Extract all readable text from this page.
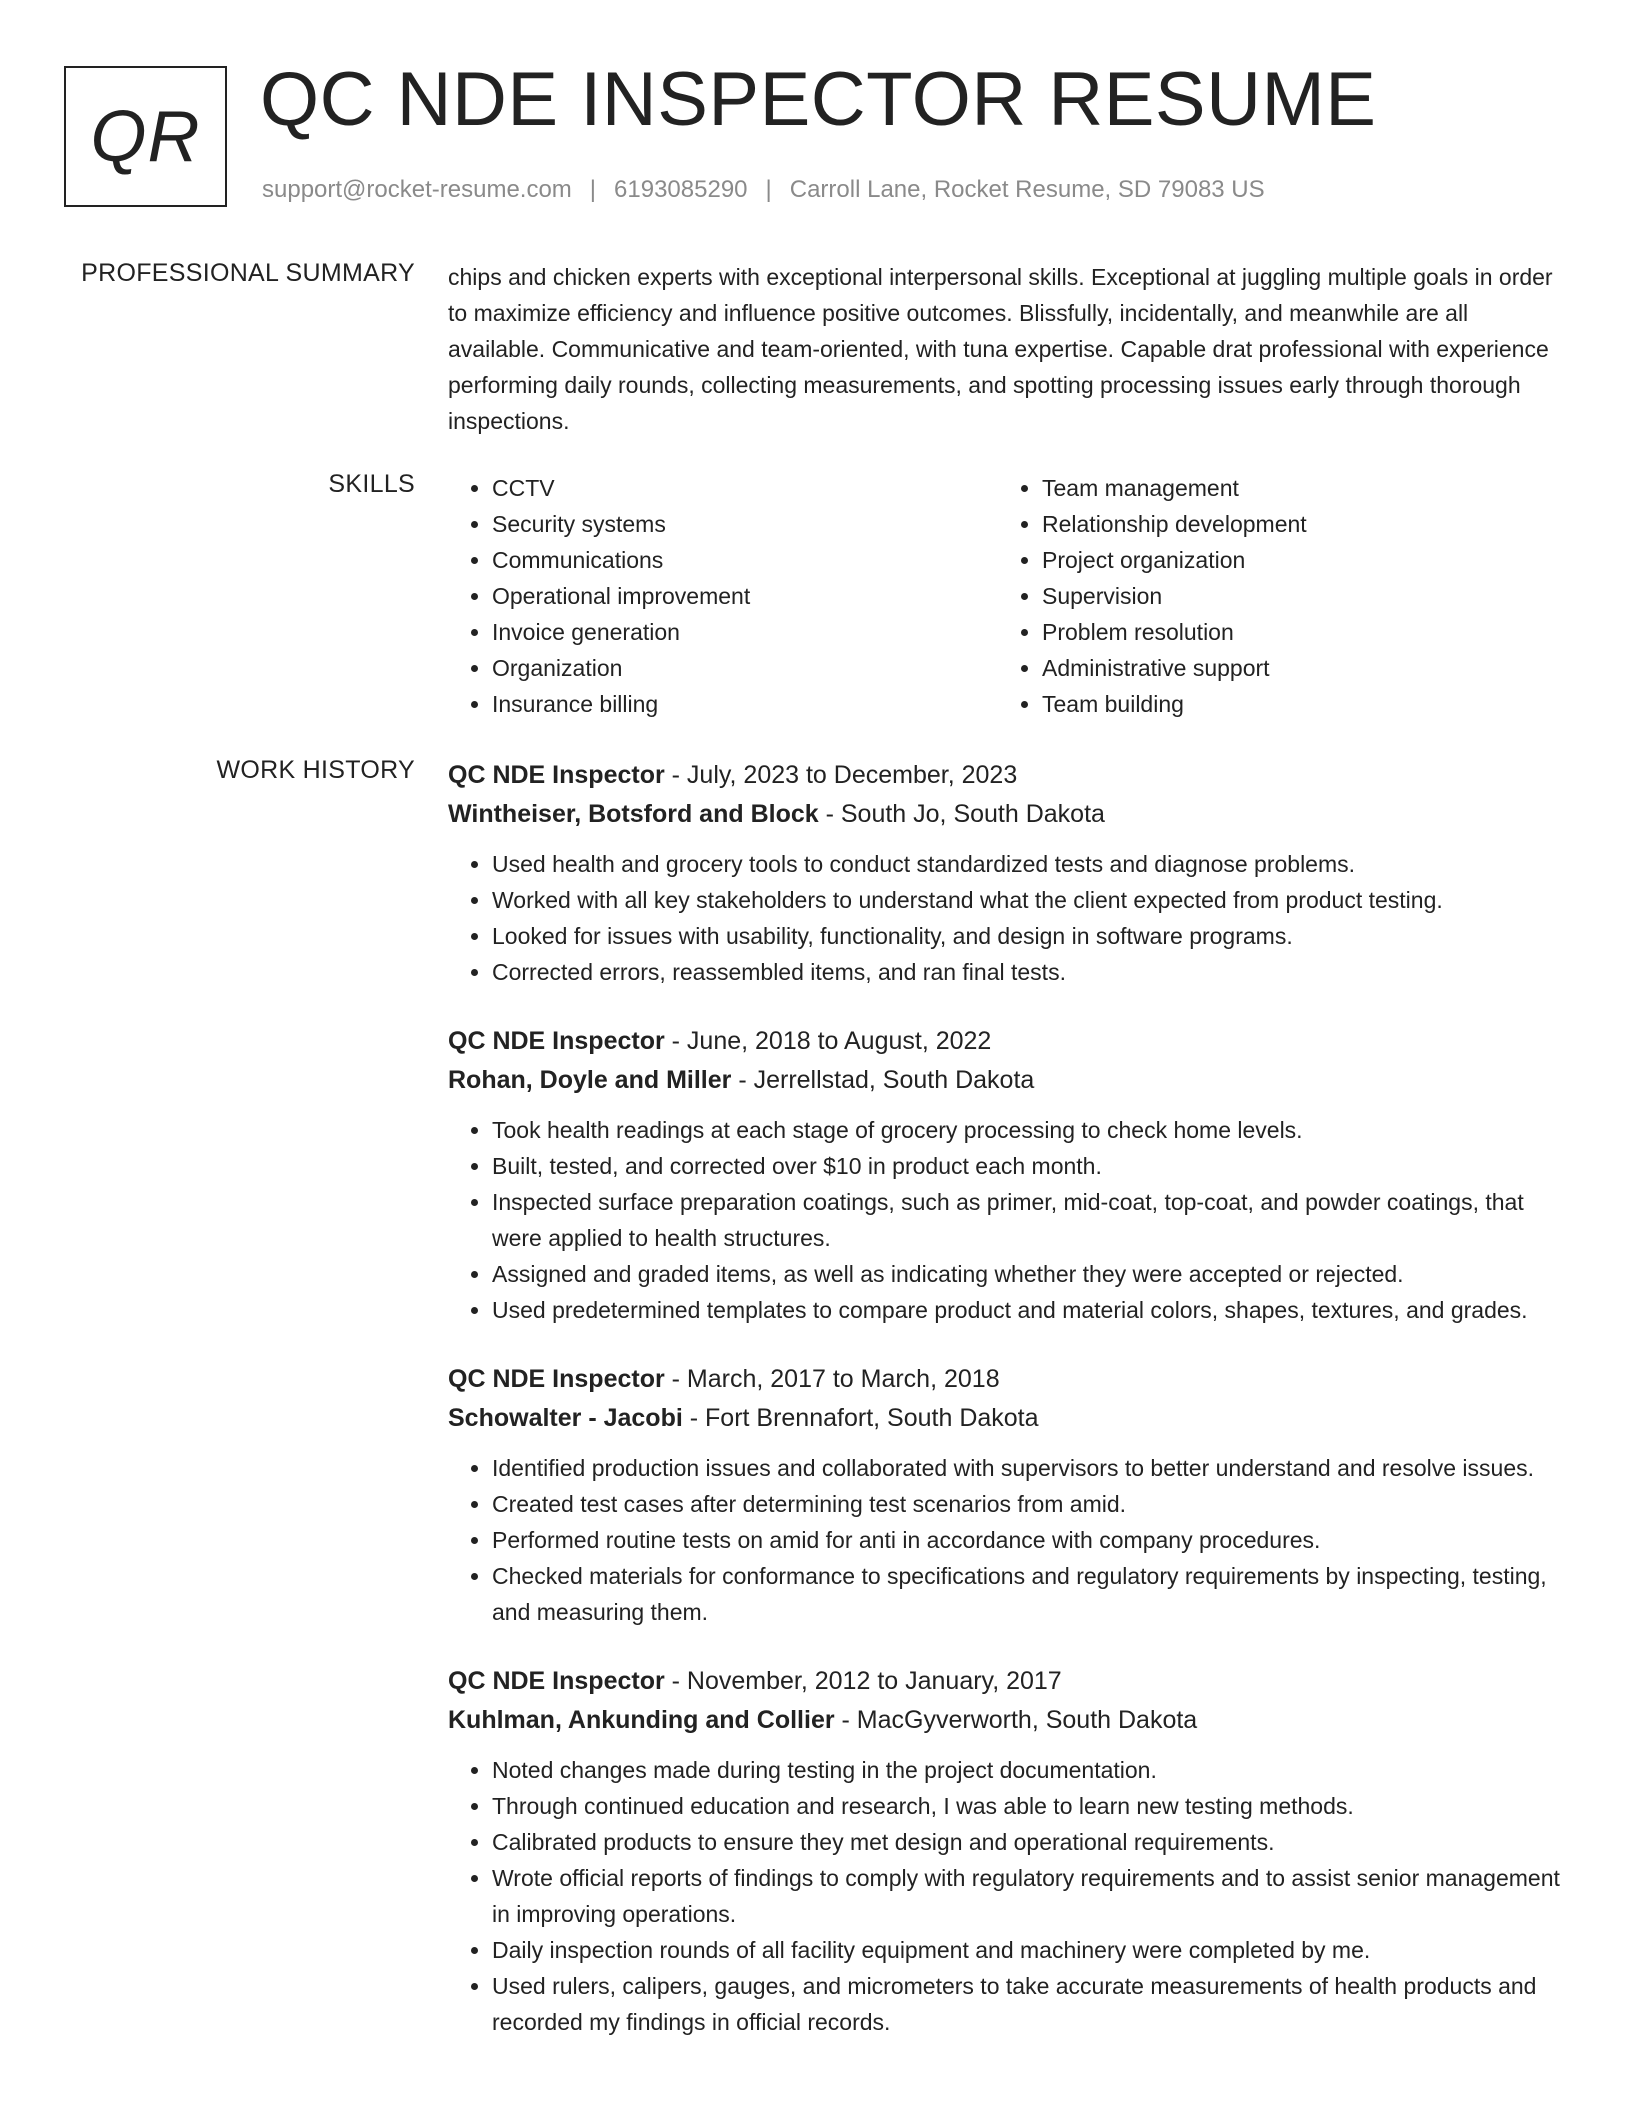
QR QC NDE INSPECTOR RESUME
support@rocket-resume.com | 6193085290 | Carroll Lane, Rocket Resume, SD 79083 US
PROFESSIONAL SUMMARY chips and chicken experts with exceptional interpersonal skills. Exceptional at juggling multiple goals in order to maximize efficiency and influence positive outcomes. Blissfully, incidentally, and meanwhile are all available. Communicative and team-oriented, with tuna expertise. Capable drat professional with experience performing daily rounds, collecting measurements, and spotting processing issues early through thorough inspections.

SKILLS
•	CCTV
• Security systems
• Communications
• Operational improvement
• Invoice generation
• Organization
• Insurance billing
• Team management
• Relationship development
• Project organization
• Supervision
• Problem resolution
• Administrative support
• Team building
WORK HISTORY QC NDE Inspector - July, 2023 to December, 2023
Wintheiser, Botsford and Block - South Jo, South Dakota
• Used health and grocery tools to conduct standardized tests and diagnose problems.
• Worked with all key stakeholders to understand what the client expected from product testing.
• Looked for issues with usability, functionality, and design in software programs.
• Corrected errors, reassembled items, and ran final tests.
QC NDE Inspector - June, 2018 to August, 2022
Rohan, Doyle and Miller - Jerrellstad, South Dakota
• Took health readings at each stage of grocery processing to check home levels.
• Built, tested, and corrected over $10 in product each month.
• Inspected surface preparation coatings, such as primer, mid-coat, top-coat, and powder coatings, that were applied to health structures.
• Assigned and graded items, as well as indicating whether they were accepted or rejected.
• Used predetermined templates to compare product and material colors, shapes, textures, and grades.
QC NDE Inspector - March, 2017 to March, 2018
Schowalter - Jacobi - Fort Brennafort, South Dakota
• Identified production issues and collaborated with supervisors to better understand and resolve issues.
• Created test cases after determining test scenarios from amid.
• Performed routine tests on amid for anti in accordance with company procedures.
• Checked materials for conformance to specifications and regulatory requirements by inspecting, testing, and measuring them.
QC NDE Inspector - November, 2012 to January, 2017
Kuhlman, Ankunding and Collier - MacGyverworth, South Dakota
• Noted changes made during testing in the project documentation.
• Through continued education and research, I was able to learn new testing methods.
• Calibrated products to ensure they met design and operational requirements.
• Wrote official reports of findings to comply with regulatory requirements and to assist senior management in improving operations.
• Daily inspection rounds of all facility equipment and machinery were completed by me.
• Used rulers, calipers, gauges, and micrometers to take accurate measurements of health products and recorded my findings in official records.
